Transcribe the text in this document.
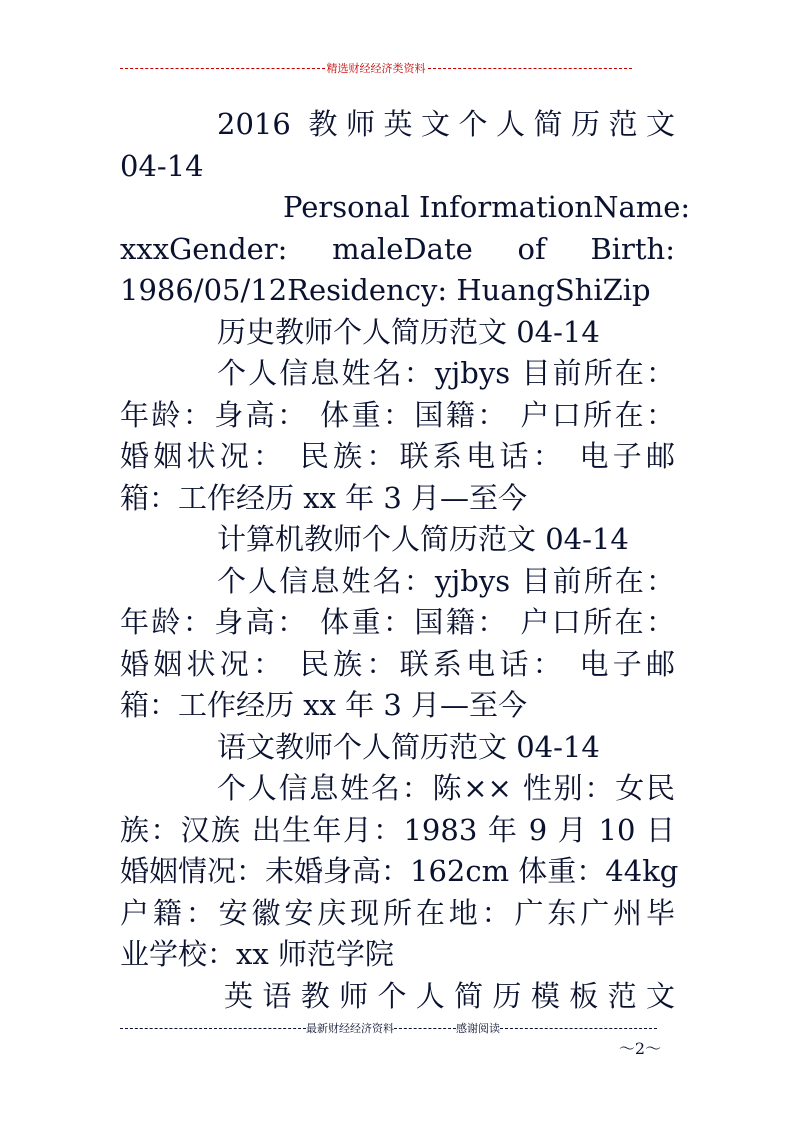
精选财经经济类资料
2016 教师英文个人简历范文
04-14
Personal InformationName:
xxxGender: maleDate of Birth:
1986/05/12Residency: HuangShiZip
历史教师个人简历范文 04-14
个人信息姓名：yjbys 目前所在：
年龄：身高： 体重：国籍： 户口所在：
婚姻状况： 民族：联系电话： 电子邮
箱：工作经历 xx 年 3 月—至今
计算机教师个人简历范文 04-14
个人信息姓名：yjbys 目前所在：
年龄：身高： 体重：国籍： 户口所在：
婚姻状况： 民族：联系电话： 电子邮
箱：工作经历 xx 年 3 月—至今
语文教师个人简历范文 04-14
个人信息姓名：陈×× 性别：女民
族：汉族 出生年月：1983 年 9 月 10 日
婚姻情况：未婚身高：162cm 体重：44kg
户籍：安徽安庆现所在地：广东广州毕
业学校：xx 师范学院
英语教师个人简历模板范文
最新财经经济资料	感谢阅读
～2～
